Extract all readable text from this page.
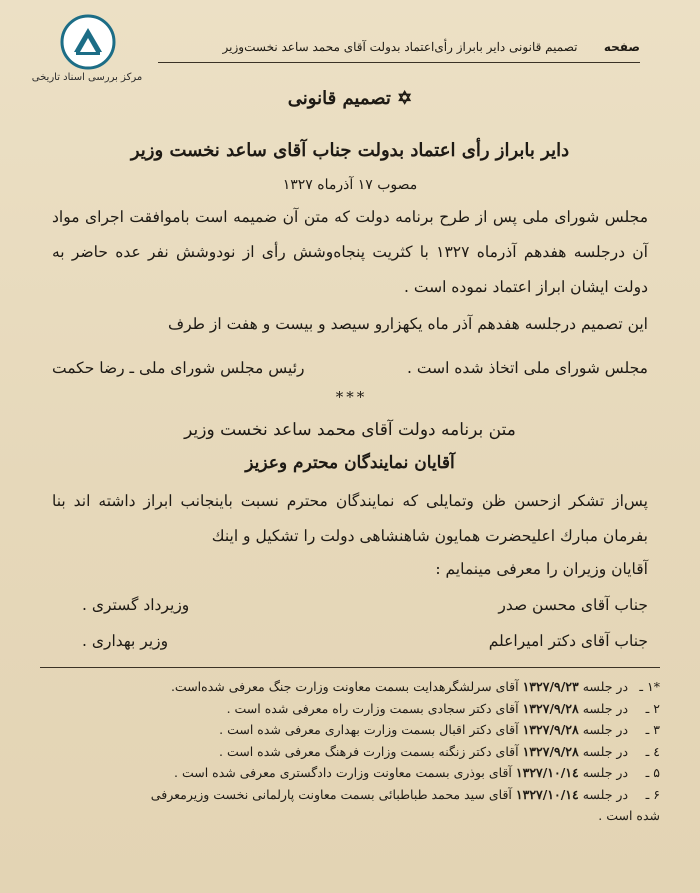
مرکز بررسی اسناد تاریخی
صفحه
تصمیم قانونی دایر بابراز رأی‌اعتماد بدولت آقای محمد ساعد نخست‌وزیر
✡ تصمیم قانونی
دایر بابراز رأی اعتماد بدولت جناب آقای ساعد نخست وزیر
مصوب ۱۷ آذرماه ۱۳۲۷
مجلس شورای ملی پس از طرح برنامه دولت که متن آن ضمیمه است باموافقت اجرای مواد آن درجلسه هفدهم آذرماه ۱۳۲۷ با کثریت پنجاه‌وشش رأی از نودوشش نفر عده حاضر به دولت ایشان ابراز اعتماد نموده است .
این تصمیم درجلسه هفدهم آذر ماه یکهزارو سیصد و بیست و هفت از طرف
مجلس شورای ملی اتخاذ شده است .
رئیس مجلس شورای ملی ـ رضا حکمت
* * *
متن برنامه دولت آقای محمد ساعد نخست وزیر
آقایان نمایندگان محترم وعزیز
پس‌از تشکر ازحسن ظن وتمایلی که نمایندگان محترم نسبت باینجانب ابراز داشته اند بنا بفرمان مبارك اعلیحضرت همایون شاهنشاهی دولت را تشکیل و اینك
آقایان وزیران را معرفی مینمایم :
جناب آقای محسن صدر
وزیرداد گستری .
جناب آقای دکتر امیراعلم
وزیر بهداری .
*۱ ـ در جلسه ۱۳۲۷/۹/۲۳ آقای سرلشگرهدایت بسمت معاونت وزارت جنگ معرفی شده‌است.
۲ ـ در جلسه ۱۳۲۷/۹/۲۸ آقای دکتر سجادی بسمت وزارت راه معرفی شده است .
۳ ـ در جلسه ۱۳۲۷/۹/۲۸ آقای دکتر اقبال بسمت وزارت بهداری معرفی شده است .
٤ ـ در جلسه ۱۳۲۷/۹/۲۸ آقای دکتر زنگنه بسمت وزارت فرهنگ معرفی شده است .
۵ ـ در جلسه ۱۳۲۷/۱۰/۱٤ آقای بوذری بسمت معاونت وزارت دادگستری معرفی شده است .
۶ ـ در جلسه ۱۳۲۷/۱۰/۱٤ آقای سید محمد طباطبائی بسمت معاونت پارلمانی نخست وزیرمعرفی
شده است .
